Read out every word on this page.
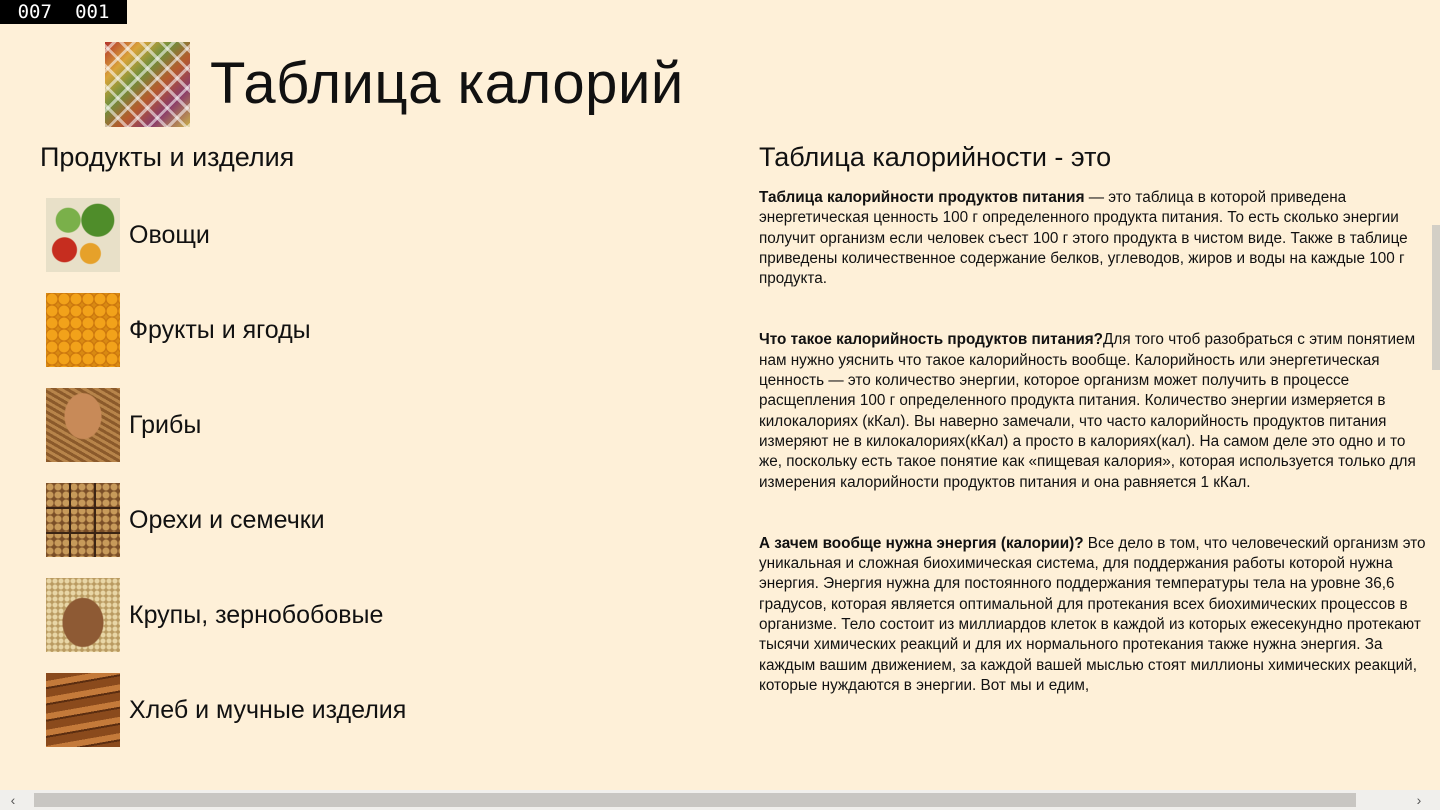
007 001
Таблица калорий
Продукты и изделия
Овощи
Фрукты и ягоды
Грибы
Орехи и семечки
Крупы, зернобобовые
Хлеб и мучные изделия
Таблица калорийности - это

Таблица калорийности продуктов питания — это таблица в которой приведена энергетическая ценность 100 г определенного продукта питания. То есть сколько энергии получит организм если человек съест 100 г этого продукта в чистом виде. Также в таблице приведены количественное содержание белков, углеводов, жиров и воды на каждые 100 г продукта.

Что такое калорийность продуктов питания?Для того чтоб разобраться с этим понятием нам нужно уяснить что такое калорийность вообще. Калорийность или энергетическая ценность — это количество энергии, которое организм может получить в процессе расщепления 100 г определенного продукта питания. Количество энергии измеряется в килокалориях (кКал). Вы наверно замечали, что часто калорийность продуктов питания измеряют не в килокалориях(кКал) а просто в калориях(кал). На самом деле это одно и то же, поскольку есть такое понятие как «пищевая калория», которая используется только для измерения калорийности продуктов питания и она равняется 1 кКал.

А зачем вообще нужна энергия (калории)? Все дело в том, что человеческий организм это уникальная и сложная биохимическая система, для поддержания работы которой нужна энергия. Энергия нужна для постоянного поддержания температуры тела на уровне 36,6 градусов, которая является оптимальной для протекания всех биохимических процессов в организме. Тело состоит из миллиардов клеток в каждой из которых ежесекундно протекают тысячи химических реакций и для их нормального протекания также нужна энергия. За каждым вашим движением, за каждой вашей мыслью стоят миллионы химических реакций, которые нуждаются в энергии. Вот мы и едим,

‹	›
